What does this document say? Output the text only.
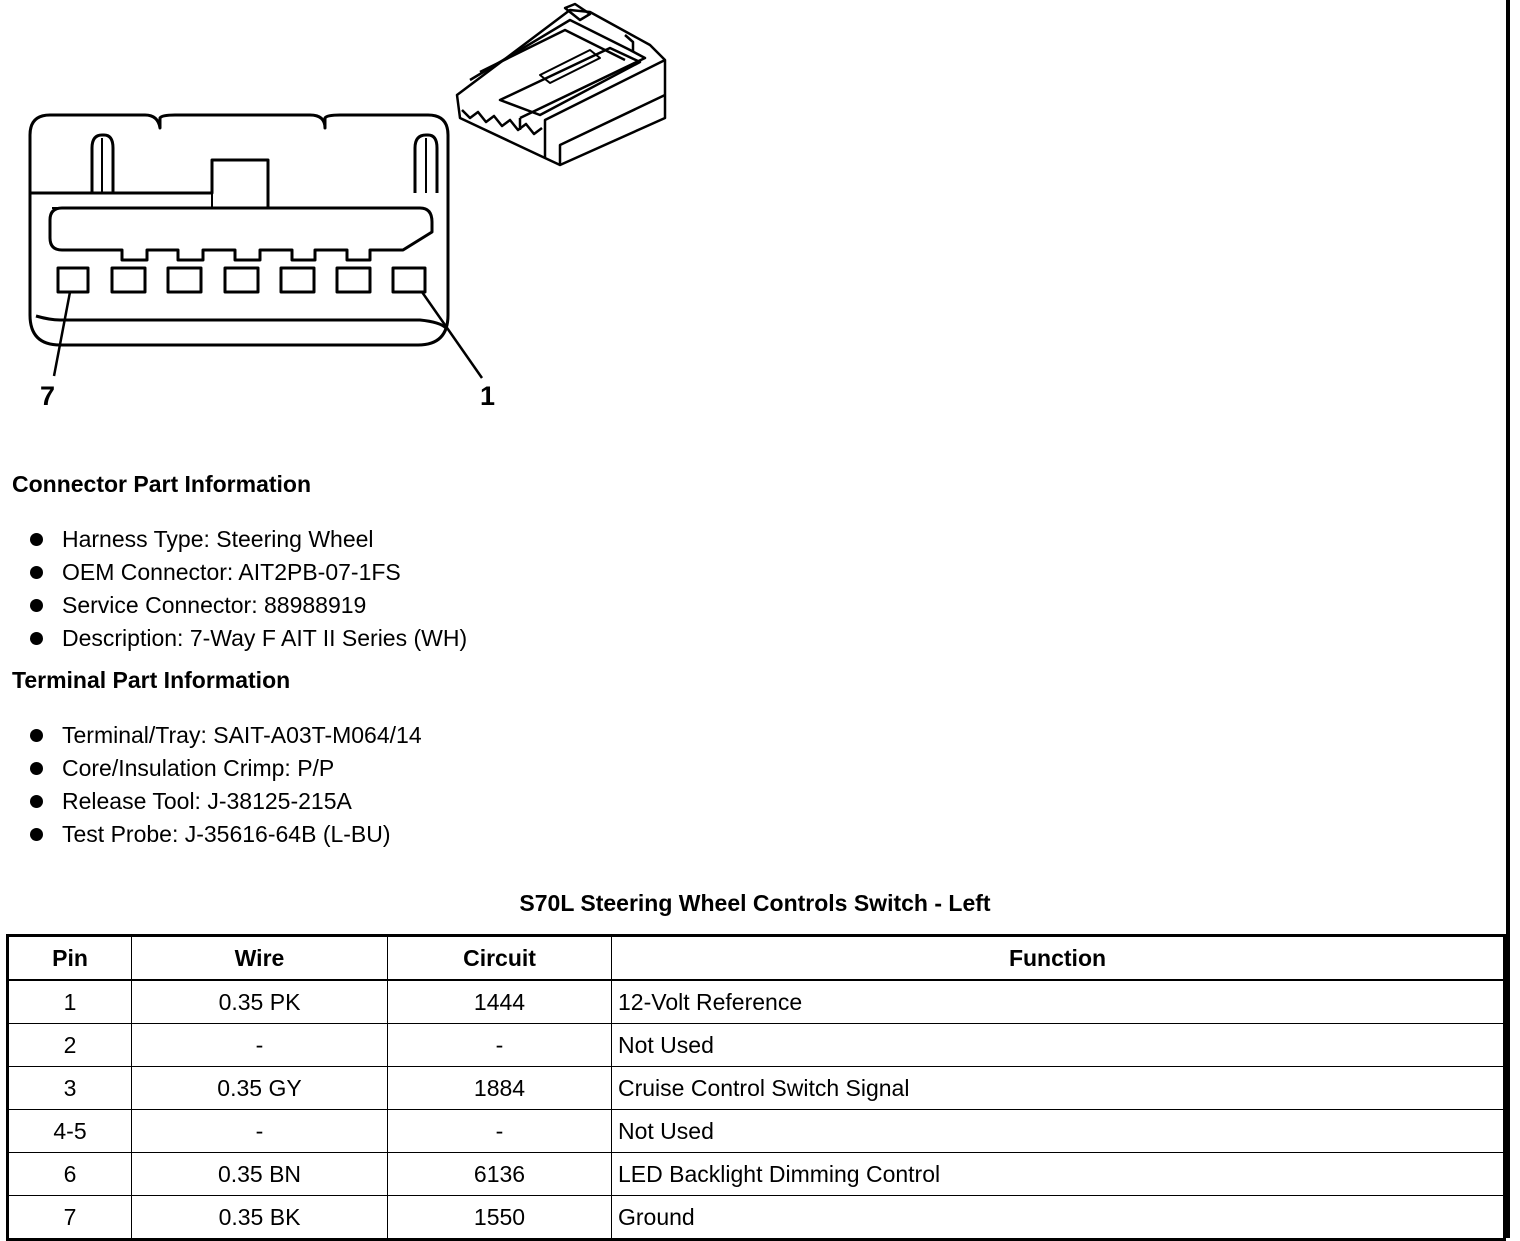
7	1
Connector Part Information
Harness Type: Steering Wheel
OEM Connector: AIT2PB-07-1FS
Service Connector: 88988919
Description: 7-Way F AIT II Series (WH)
Terminal Part Information
Terminal/Tray: SAIT-A03T-M064/14
Core/Insulation Crimp: P/P
Release Tool: J-38125-215A
Test Probe: J-35616-64B (L-BU)
S70L Steering Wheel Controls Switch - Left
Pin	Wire	Circuit	Function
1	0.35 PK	1444	12-Volt Reference
2	-	-	Not Used
3	0.35 GY	1884	Cruise Control Switch Signal
4-5	-	-	Not Used
6	0.35 BN	6136	LED Backlight Dimming Control
7	0.35 BK	1550	Ground
